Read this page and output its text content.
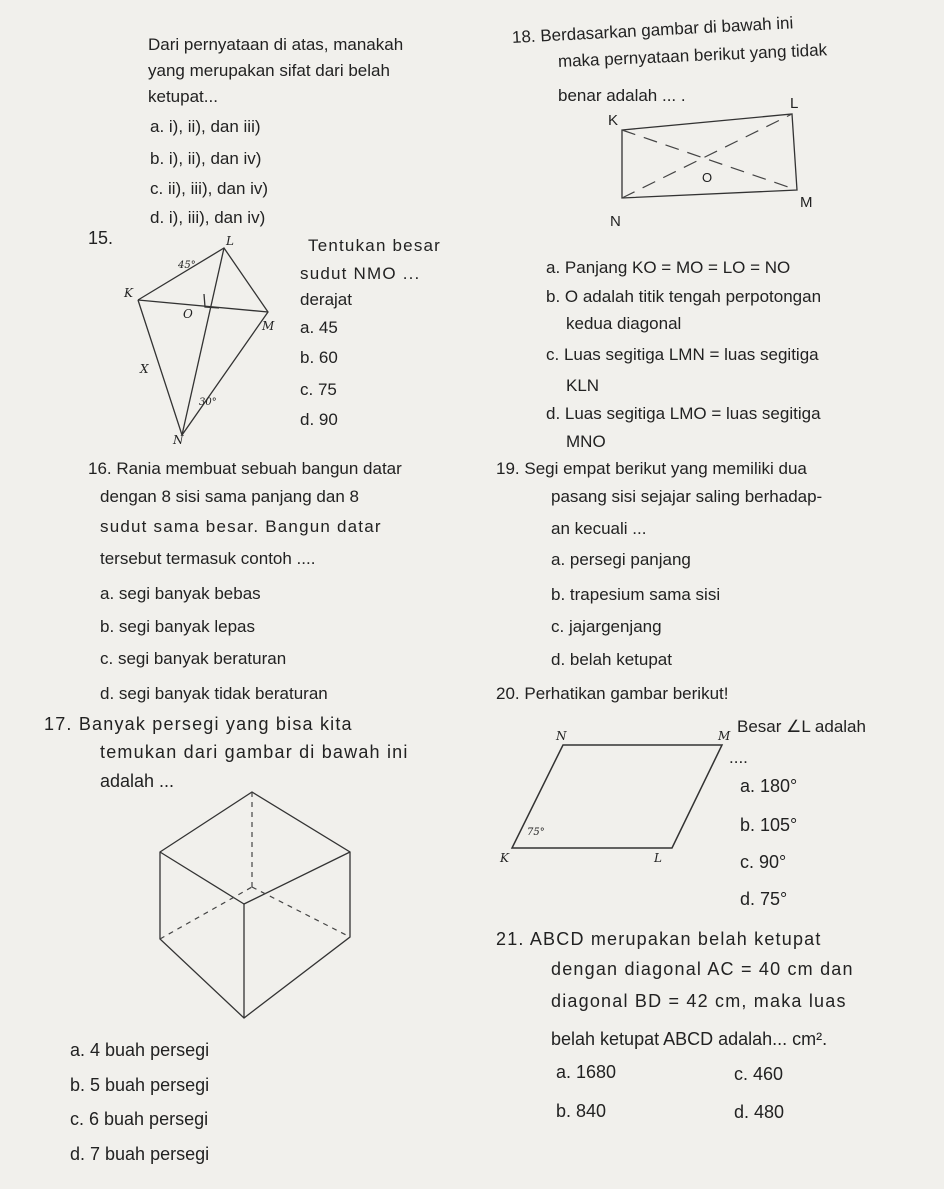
Dari pernyataan di atas, manakah
yang merupakan sifat dari belah
ketupat...
a. i), ii), dan iii)
b. i), ii), dan iv)
c. ii), iii), dan iv)
d. i), iii), dan iv)
15.	Tentukan besar
sudut NMO ...
derajat
a. 45
b. 60
c. 75
d. 90
L
K
O
M
X
N
45°
30°
16. Rania membuat sebuah bangun datar
dengan 8 sisi sama panjang dan 8
sudut sama besar. Bangun datar
tersebut termasuk contoh ....
a. segi banyak bebas
b. segi banyak lepas
c. segi banyak beraturan
d. segi banyak tidak beraturan
17. Banyak persegi yang bisa kita
temukan dari gambar di bawah ini
adalah ...
a. 4 buah persegi
b. 5 buah persegi
c. 6 buah persegi
d. 7 buah persegi
18. Berdasarkan gambar di bawah ini
maka pernyataan berikut yang tidak
benar adalah ... .	L
K
O
M
N
a. Panjang KO = MO = LO = NO
b. O adalah titik tengah perpotongan
kedua diagonal
c. Luas segitiga LMN = luas segitiga
KLN
d. Luas segitiga LMO = luas segitiga
MNO
19. Segi empat berikut yang memiliki dua
pasang sisi sejajar saling berhadap-
an kecuali ...
a. persegi panjang
b. trapesium sama sisi
c. jajargenjang
d. belah ketupat
20. Perhatikan gambar berikut!
Besar ∠L adalah
....
N	M
K	L
75°
a. 180°
b. 105°
c. 90°
d. 75°
21. ABCD merupakan belah ketupat
dengan diagonal AC = 40 cm dan
diagonal BD = 42 cm, maka luas
belah ketupat ABCD adalah... cm².
a. 1680	c. 460
b. 840	d. 480
